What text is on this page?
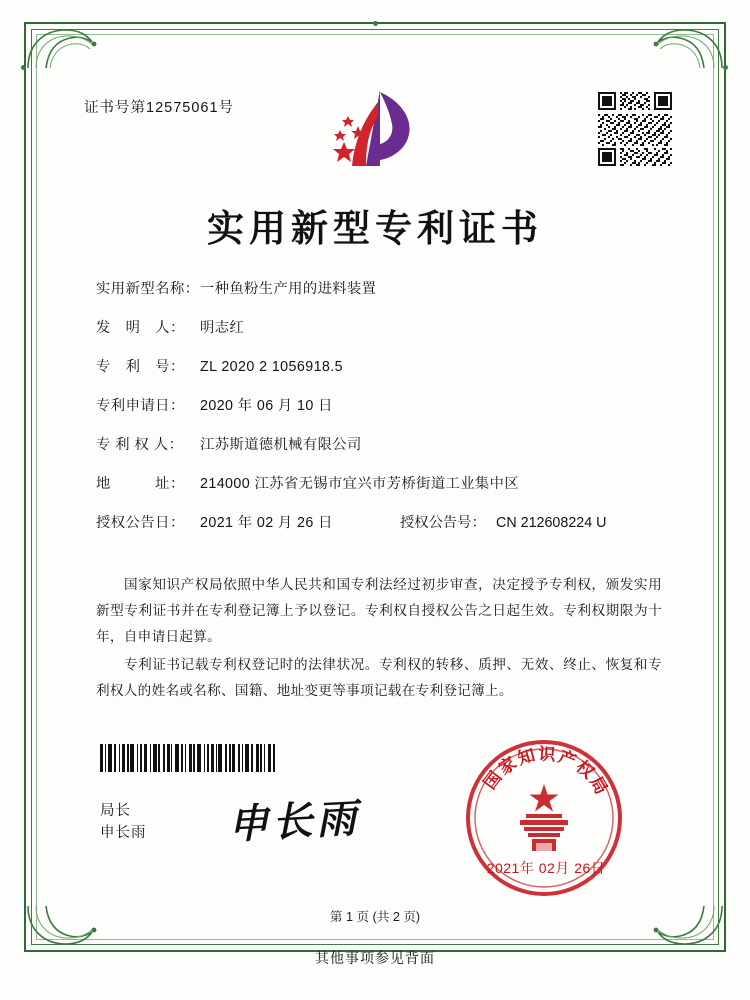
证书号第12575061号
实用新型专利证书
实用新型名称： 一种鱼粉生产用的进料装置
发　明　人：	明志红
专　利　号：	ZL 2020 2 1056918.5
专利申请日：	2020 年 06 月 10 日
专 利 权 人：	江苏斯道德机械有限公司
地　　　址：	214000 江苏省无锡市宜兴市芳桥街道工业集中区
授权公告日：	2021 年 02 月 26 日	授权公告号： CN 212608224 U

国家知识产权局依照中华人民共和国专利法经过初步审查，决定授予专利权，颁发实用新型专利证书并在专利登记簿上予以登记。专利权自授权公告之日起生效。专利权期限为十年，自申请日起算。

专利证书记载专利权登记时的法律状况。专利权的转移、质押、无效、终止、恢复和专利权人的姓名或名称、国籍、地址变更等事项记载在专利登记簿上。

局长
申长雨 申长雨
国家知识产权局
2021年 02月 26日
第 1 页 (共 2 页)
其他事项参见背面
